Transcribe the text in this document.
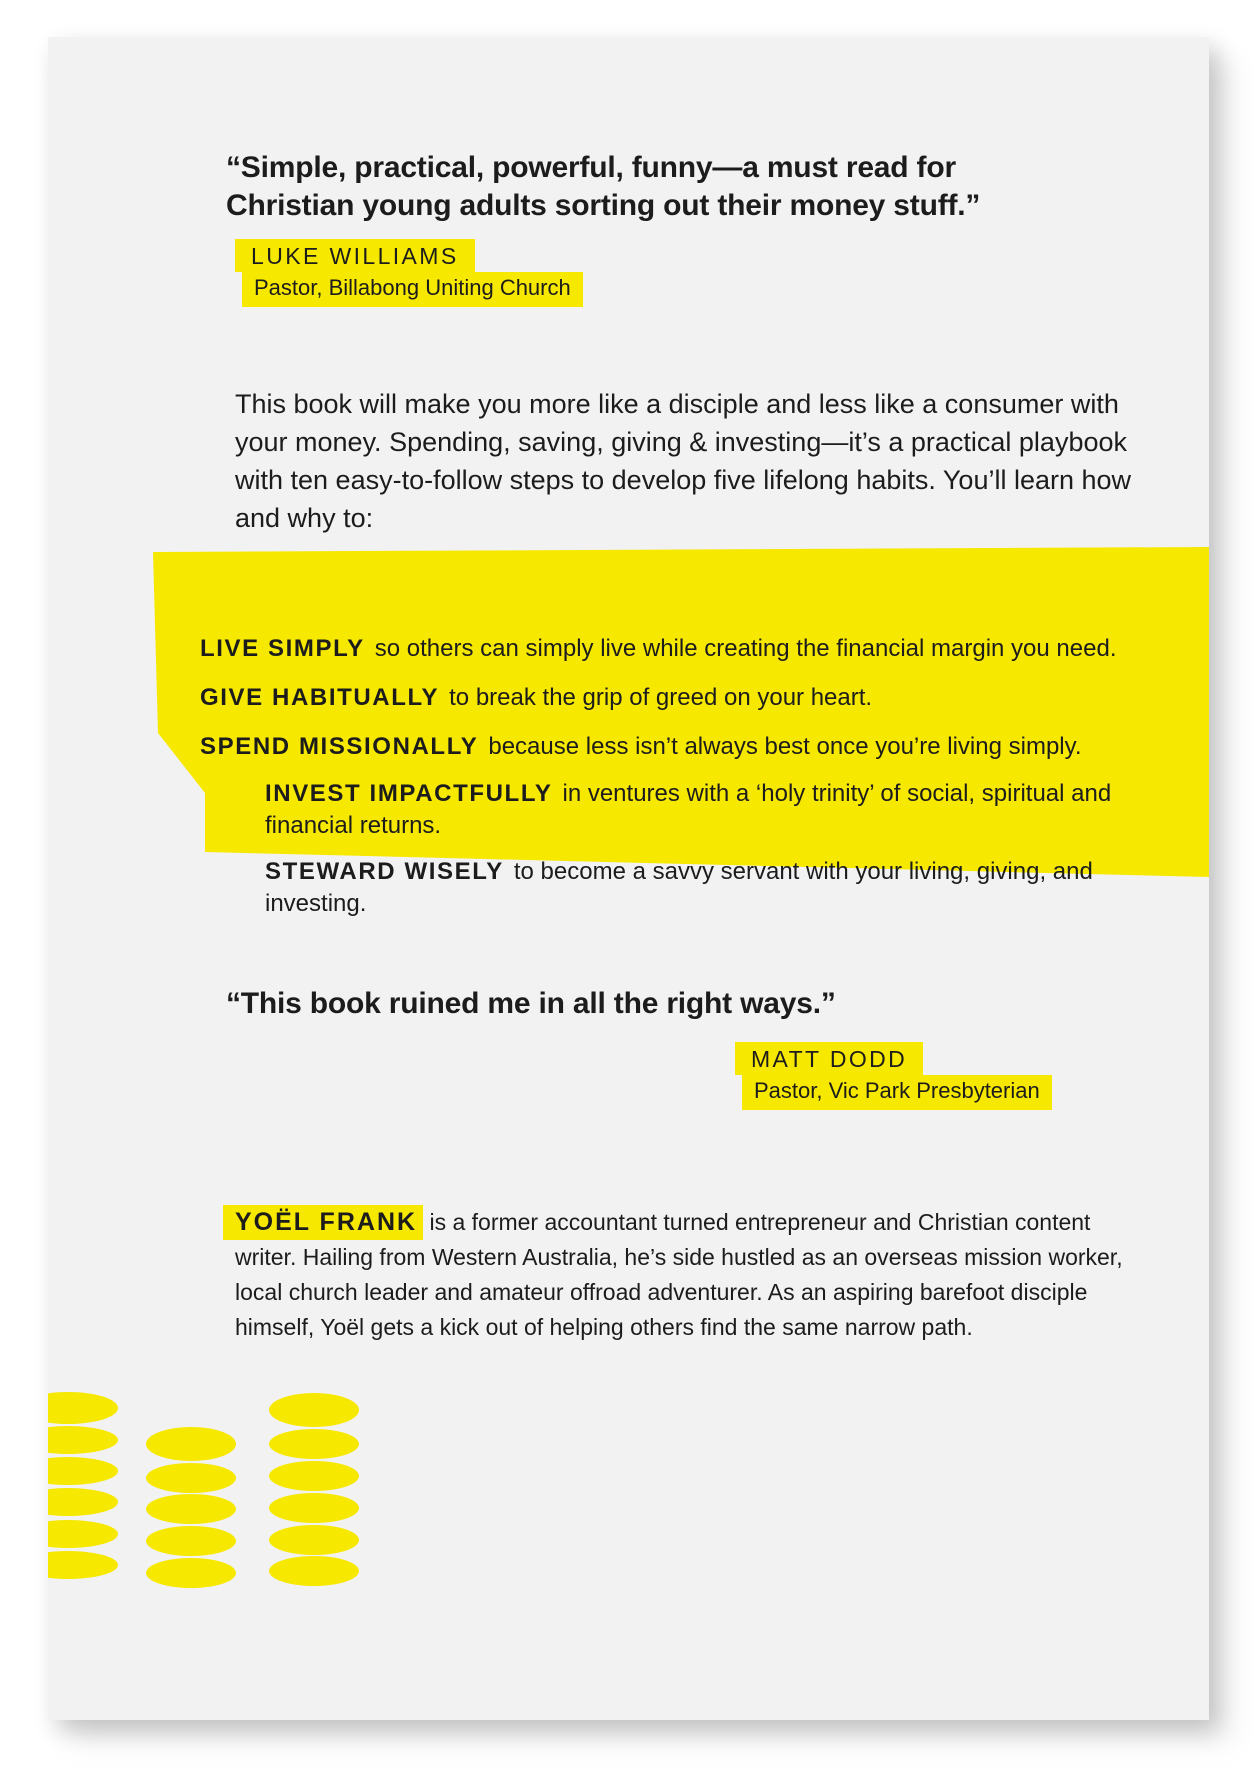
“Simple, practical, powerful, funny—a must read for Christian young adults sorting out their money stuff.”
LUKE WILLIAMS
Pastor, Billabong Uniting Church
This book will make you more like a disciple and less like a consumer with your money. Spending, saving, giving & investing—it’s a practical playbook with ten easy-to-follow steps to develop five lifelong habits. You’ll learn how and why to:
LIVE SIMPLY so others can simply live while creating the financial margin you need.
GIVE HABITUALLY to break the grip of greed on your heart.
SPEND MISSIONALLY because less isn’t always best once you’re living simply.
INVEST IMPACTFULLY in ventures with a ‘holy trinity’ of social, spiritual and financial returns.
STEWARD WISELY to become a savvy servant with your living, giving, and investing.
“This book ruined me in all the right ways.”
MATT DODD
Pastor, Vic Park Presbyterian
YOËL FRANK is a former accountant turned entrepreneur and Christian content writer. Hailing from Western Australia, he’s side hustled as an overseas mission worker, local church leader and amateur offroad adventurer. As an aspiring barefoot disciple himself, Yoël gets a kick out of helping others find the same narrow path.
